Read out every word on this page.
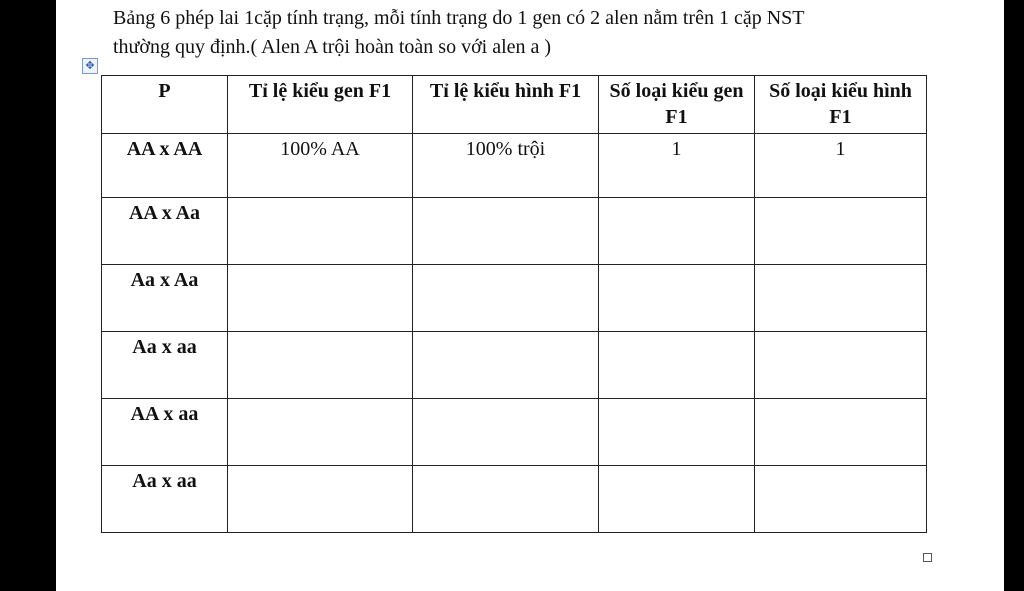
Bảng 6 phép lai 1cặp tính trạng, mỗi tính trạng do 1 gen có 2 alen nằm trên 1 cặp NST
thường quy định.( Alen A trội hoàn toàn so với alen a )
✥
P	Tỉ lệ kiểu gen F1	Tỉ lệ kiểu hình F1	Số loại kiểu gen F1	Số loại kiểu hình F1
AA x AA	100% AA	100% trội	1	1
AA x Aa				
Aa x Aa				
Aa x aa				
AA x aa				
Aa x aa				
